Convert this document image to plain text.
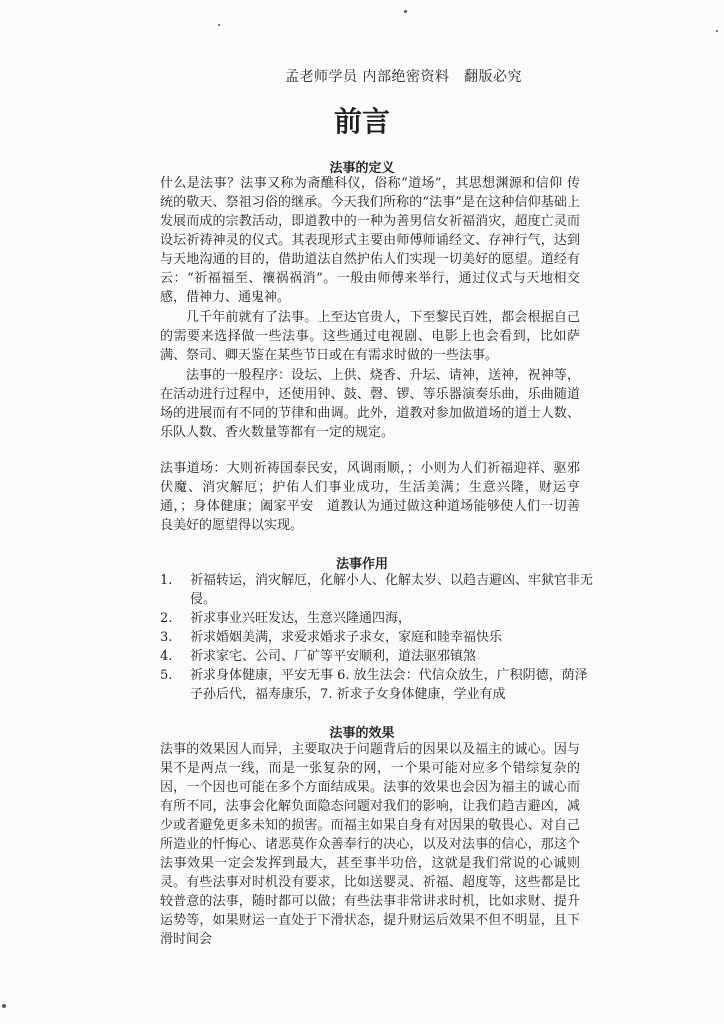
孟老师学员 内部绝密资料　翻版必究
前言
法事的定义

什么是法事？法事又称为斋醮科仪，俗称“道场”，其思想渊源和信仰 传统的敬天、祭祖习俗的继承。今天我们所称的“法事”是在这种信仰基础上发展而成的宗教活动，即道教中的一种为善男信女祈福消灾，超度亡灵而设坛祈祷神灵的仪式。其表现形式主要由师傅师诵经文、存神行气，达到与天地沟通的目的，借助道法自然护佑人们实现一切美好的愿望。道经有云：“祈福福至、禳祸祸消”。一般由师傅来举行，通过仪式与天地相交感，借神力、通鬼神。

几千年前就有了法事。上至达官贵人，下至黎民百姓，都会根据自己的需要来选择做一些法事。这些通过电视剧、电影上也会看到，比如萨满、祭司、卿天鉴在某些节日或在有需求时做的一些法事。

法事的一般程序：设坛、上供、烧香、升坛、请神，送神，祝神等，在活动进行过程中，还使用钟、鼓、磬、锣、等乐器演奏乐曲，乐曲随道场的进展而有不同的节律和曲调。此外，道教对参加做道场的道士人数、乐队人数、香火数量等都有一定的规定。

法事道场：大则祈祷国泰民安，风调雨顺，；小则为人们祈福迎祥、驱邪伏魔、消灾解厄；护佑人们事业成功，生活美满；生意兴隆，财运亨通，；身体健康；阖家平安　道教认为通过做这种道场能够使人们一切善良美好的愿望得以实现。

法事作用
1.	祈福转运，消灾解厄，化解小人、化解太岁、以趋吉避凶、牢狱官非无侵。
2.	祈求事业兴旺发达，生意兴隆通四海，
3.	祈求婚姻美满，求爱求婚求子求女，家庭和睦幸福快乐
4.	祈求家宅、公司、厂矿等平安顺利，道法驱邪镇煞
5.	祈求身体健康，平安无事 6. 放生法会：代信众放生，广积阴德，荫泽子孙后代，福寿康乐，7. 祈求子女身体健康，学业有成
法事的效果

法事的效果因人而异，主要取决于问题背后的因果以及福主的诚心。因与果不是两点一线，而是一张复杂的网，一个果可能对应多个错综复杂的因，一个因也可能在多个方面结成果。法事的效果也会因为福主的诚心而有所不同，法事会化解负面隐态问题对我们的影响，让我们趋吉避凶，减少或者避免更多未知的损害。而福主如果自身有对因果的敬畏心、对自己所造业的忏悔心、诸恶莫作众善奉行的决心，以及对法事的信心，那这个法事效果一定会发挥到最大，甚至事半功倍，这就是我们常说的心诚则灵。有些法事对时机没有要求，比如送婴灵、祈福、超度等，这些都是比较普意的法事，随时都可以做；有些法事非常讲求时机，比如求财、提升运势等，如果财运一直处于下滑状态，提升财运后效果不但不明显，且下滑时间会
